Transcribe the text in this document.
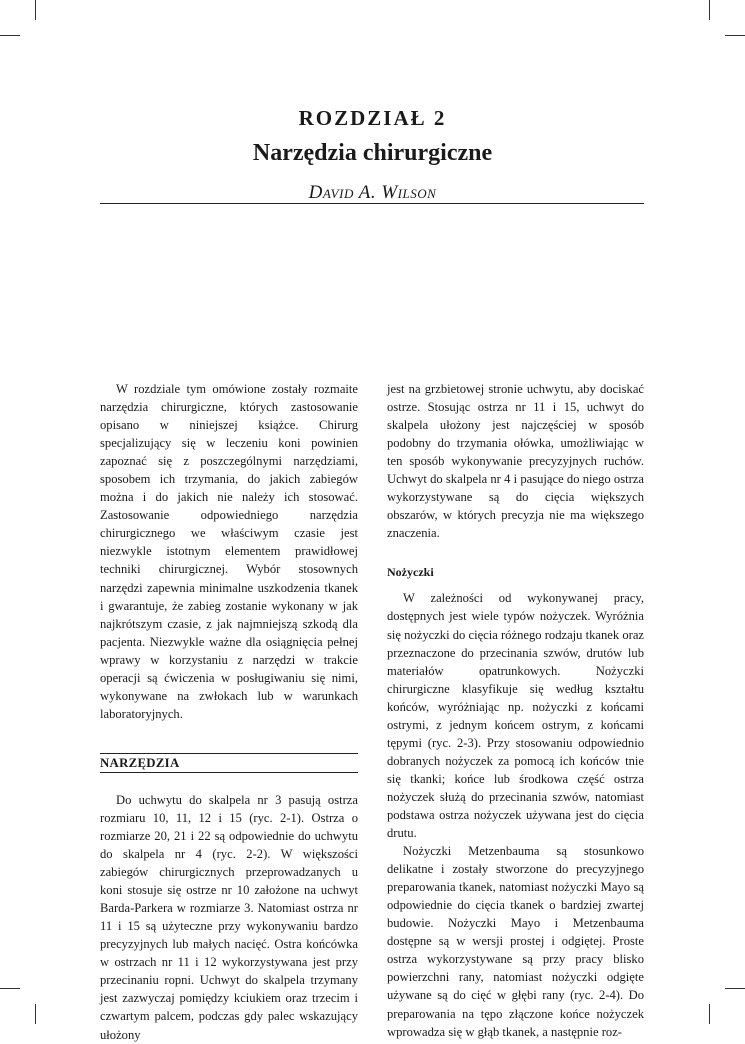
ROZDZIAŁ 2
Narzędzia chirurgiczne
David A. Wilson

W rozdziale tym omówione zostały rozmaite narzędzia chirurgiczne, których zastosowanie opisano w niniejszej książce. Chirurg specjalizujący się w leczeniu koni powinien zapoznać się z poszczególnymi narzędziami, sposobem ich trzymania, do jakich zabiegów można i do jakich nie należy ich stosować. Zastosowanie odpowiedniego narzędzia chirurgicznego we właściwym czasie jest niezwykle istotnym elementem prawidłowej techniki chirurgicznej. Wybór stosownych narzędzi zapewnia minimalne uszkodzenia tkanek i gwarantuje, że zabieg zostanie wykonany w jak najkrótszym czasie, z jak najmniejszą szkodą dla pacjenta. Niezwykle ważne dla osiągnięcia pełnej wprawy w korzystaniu z narzędzi w trakcie operacji są ćwiczenia w posługiwaniu się nimi, wykonywane na zwłokach lub w warunkach laboratoryjnych.

NARZĘDZIA

Do uchwytu do skalpela nr 3 pasują ostrza rozmiaru 10, 11, 12 i 15 (ryc. 2-1). Ostrza o rozmiarze 20, 21 i 22 są odpowiednie do uchwytu do skalpela nr 4 (ryc. 2-2). W większości zabiegów chirurgicznych przeprowadzanych u koni stosuje się ostrze nr 10 założone na uchwyt Barda-Parkera w rozmiarze 3. Natomiast ostrza nr 11 i 15 są użyteczne przy wykonywaniu bardzo precyzyjnych lub małych nacięć. Ostra końcówka w ostrzach nr 11 i 12 wykorzystywana jest przy przecinaniu ropni. Uchwyt do skalpela trzymany jest zazwyczaj pomiędzy kciukiem oraz trzecim i czwartym palcem, podczas gdy palec wskazujący ułożony

jest na grzbietowej stronie uchwytu, aby dociskać ostrze. Stosując ostrza nr 11 i 15, uchwyt do skalpela ułożony jest najczęściej w sposób podobny do trzymania ołówka, umożliwiając w ten sposób wykonywanie precyzyjnych ruchów. Uchwyt do skalpela nr 4 i pasujące do niego ostrza wykorzystywane są do cięcia większych obszarów, w których precyzja nie ma większego znaczenia.

Nożyczki

W zależności od wykonywanej pracy, dostępnych jest wiele typów nożyczek. Wyróżnia się nożyczki do cięcia różnego rodzaju tkanek oraz przeznaczone do przecinania szwów, drutów lub materiałów opatrunkowych. Nożyczki chirurgiczne klasyfikuje się według kształtu końców, wyróżniając np. nożyczki z końcami ostrymi, z jednym końcem ostrym, z końcami tępymi (ryc. 2-3). Przy stosowaniu odpowiednio dobranych nożyczek za pomocą ich końców tnie się tkanki; końce lub środkowa część ostrza nożyczek służą do przecinania szwów, natomiast podstawa ostrza nożyczek używana jest do cięcia drutu.

Nożyczki Metzenbauma są stosunkowo delikatne i zostały stworzone do precyzyjnego preparowania tkanek, natomiast nożyczki Mayo są odpowiednie do cięcia tkanek o bardziej zwartej budowie. Nożyczki Mayo i Metzenbauma dostępne są w wersji prostej i odgiętej. Proste ostrza wykorzystywane są przy pracy blisko powierzchni rany, natomiast nożyczki odgięte używane są do cięć w głębi rany (ryc. 2-4). Do preparowania na tępo złączone końce nożyczek wprowadza się w głąb tkanek, a następnie roz-
